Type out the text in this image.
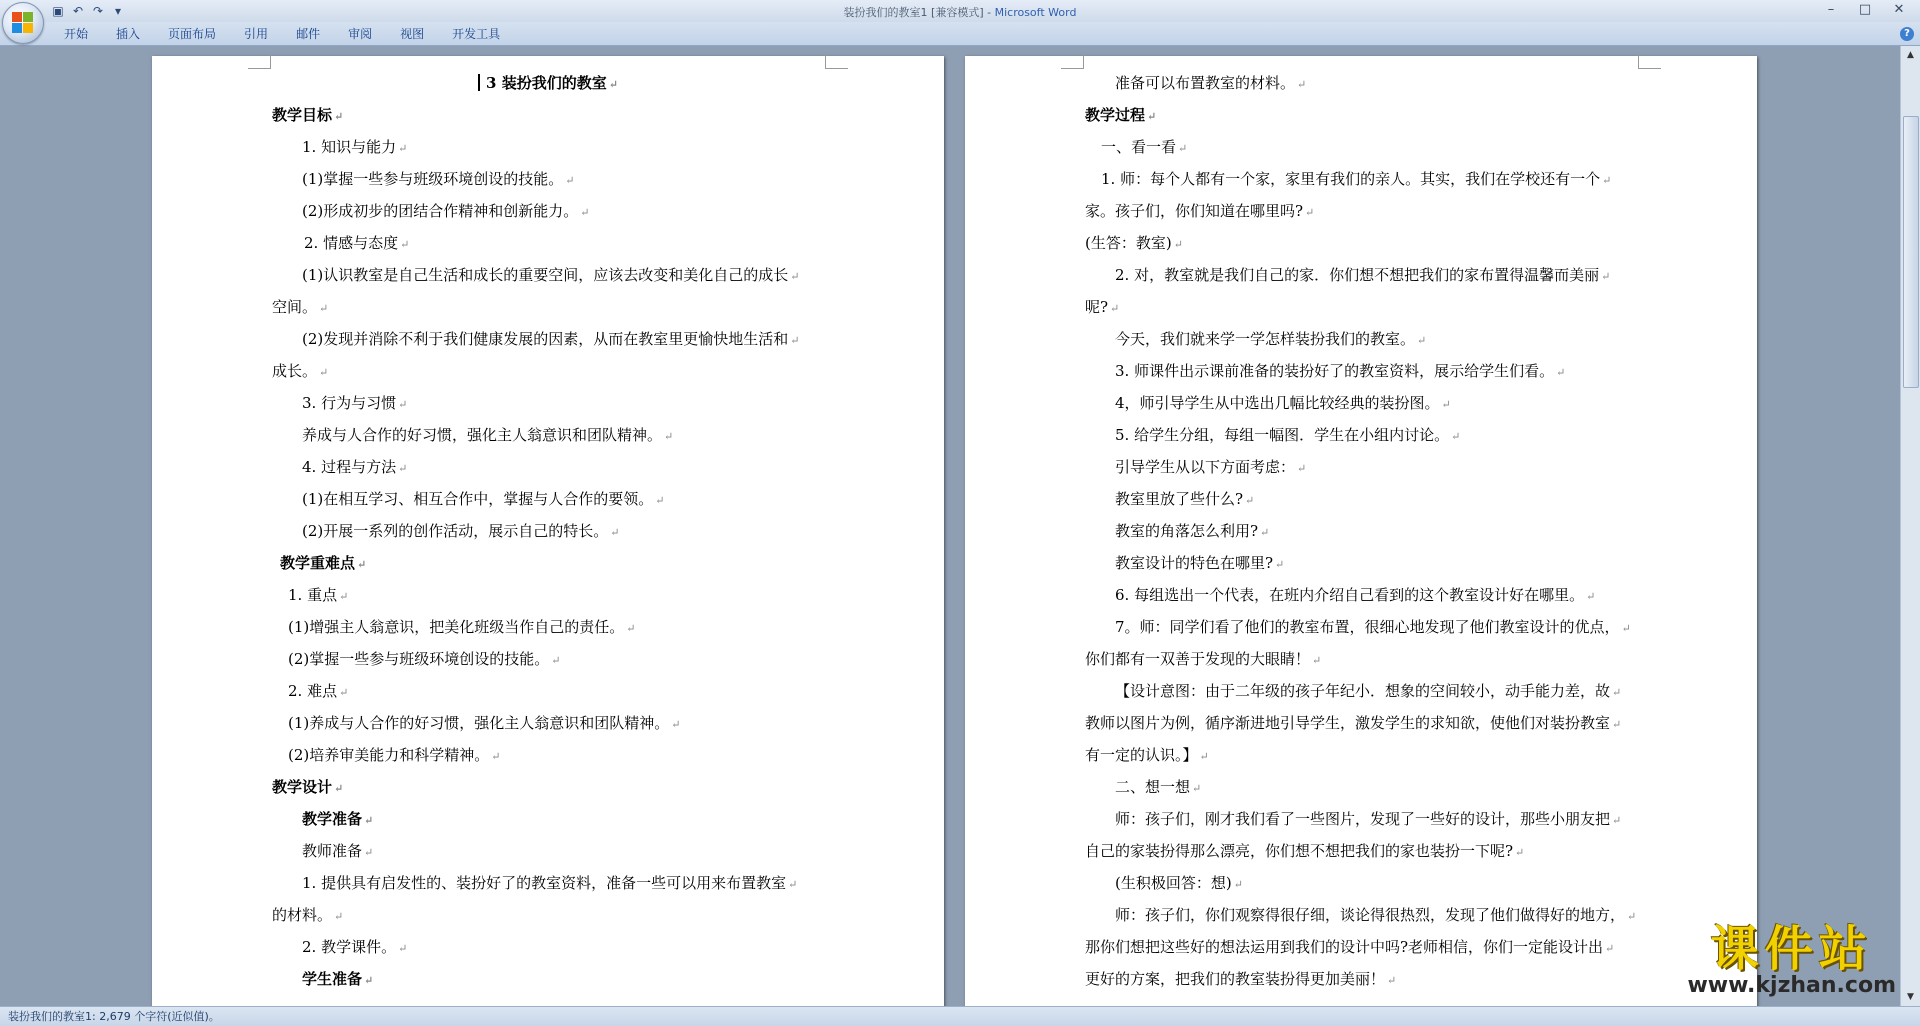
▣ ↶ ↷ ▾	装扮我们的教室1 [兼容模式] - Microsoft Word	–	□	✕
开始	插入	页面布局	引用	邮件	审阅	视图	开发工具	?
3 装扮我们的教室 ↵
教学目标 ↵
1. 知识与能力 ↵
(1)掌握一些参与班级环境创设的技能。 ↵
(2)形成初步的团结合作精神和创新能力。 ↵
2. 情感与态度 ↵
(1)认识教室是自己生活和成长的重要空间，应该去改变和美化自己的成长 ↵
空间。 ↵
(2)发现并消除不利于我们健康发展的因素，从而在教室里更愉快地生活和 ↵
成长。 ↵
3. 行为与习惯 ↵
养成与人合作的好习惯，强化主人翁意识和团队精神。 ↵
4. 过程与方法 ↵
(1)在相互学习、相互合作中，掌握与人合作的要领。 ↵
(2)开展一系列的创作活动，展示自己的特长。 ↵
教学重难点 ↵
1. 重点 ↵
(1)增强主人翁意识，把美化班级当作自己的责任。 ↵
(2)掌握一些参与班级环境创设的技能。 ↵
2. 难点 ↵
(1)养成与人合作的好习惯，强化主人翁意识和团队精神。 ↵
(2)培养审美能力和科学精神。 ↵
教学设计 ↵
教学准备 ↵
教师准备 ↵
1. 提供具有启发性的、装扮好了的教室资料，准备一些可以用来布置教室 ↵
的材料。 ↵
2. 教学课件。 ↵
学生准备 ↵
准备可以布置教室的材料。 ↵
教学过程 ↵
一、看一看 ↵
1. 师：每个人都有一个家，家里有我们的亲人。其实，我们在学校还有一个 ↵
家。孩子们，你们知道在哪里吗? ↵
(生答：教室) ↵
2. 对，教室就是我们自己的家．你们想不想把我们的家布置得温馨而美丽 ↵
呢? ↵
今天，我们就来学一学怎样装扮我们的教室。 ↵
3. 师课件出示课前准备的装扮好了的教室资料，展示给学生们看。 ↵
4，师引导学生从中选出几幅比较经典的装扮图。 ↵
5. 给学生分组，每组一幅图．学生在小组内讨论。 ↵
引导学生从以下方面考虑： ↵
教室里放了些什么? ↵
教室的角落怎么利用? ↵
教室设计的特色在哪里? ↵
6. 每组选出一个代表，在班内介绍自己看到的这个教室设计好在哪里。 ↵
7。师：同学们看了他们的教室布置，很细心地发现了他们教室设计的优点， ↵
你们都有一双善于发现的大眼睛！ ↵
【设计意图：由于二年级的孩子年纪小．想象的空间较小，动手能力差，故 ↵
教师以图片为例，循序渐进地引导学生，激发学生的求知欲，使他们对装扮教室 ↵
有一定的认识。】 ↵
二、想一想 ↵
师：孩子们，刚才我们看了一些图片，发现了一些好的设计，那些小朋友把 ↵
自己的家装扮得那么漂亮，你们想不想把我们的家也装扮一下呢? ↵
(生积极回答：想) ↵
师：孩子们，你们观察得很仔细，谈论得很热烈，发现了他们做得好的地方， ↵
那你们想把这些好的想法运用到我们的设计中吗?老师相信，你们一定能设计出 ↵
更好的方案，把我们的教室装扮得更加美丽！ ↵
▲
▼
装扮我们的教室1: 2,679 个字符(近似值)。
课件站
www.kjzhan.com
